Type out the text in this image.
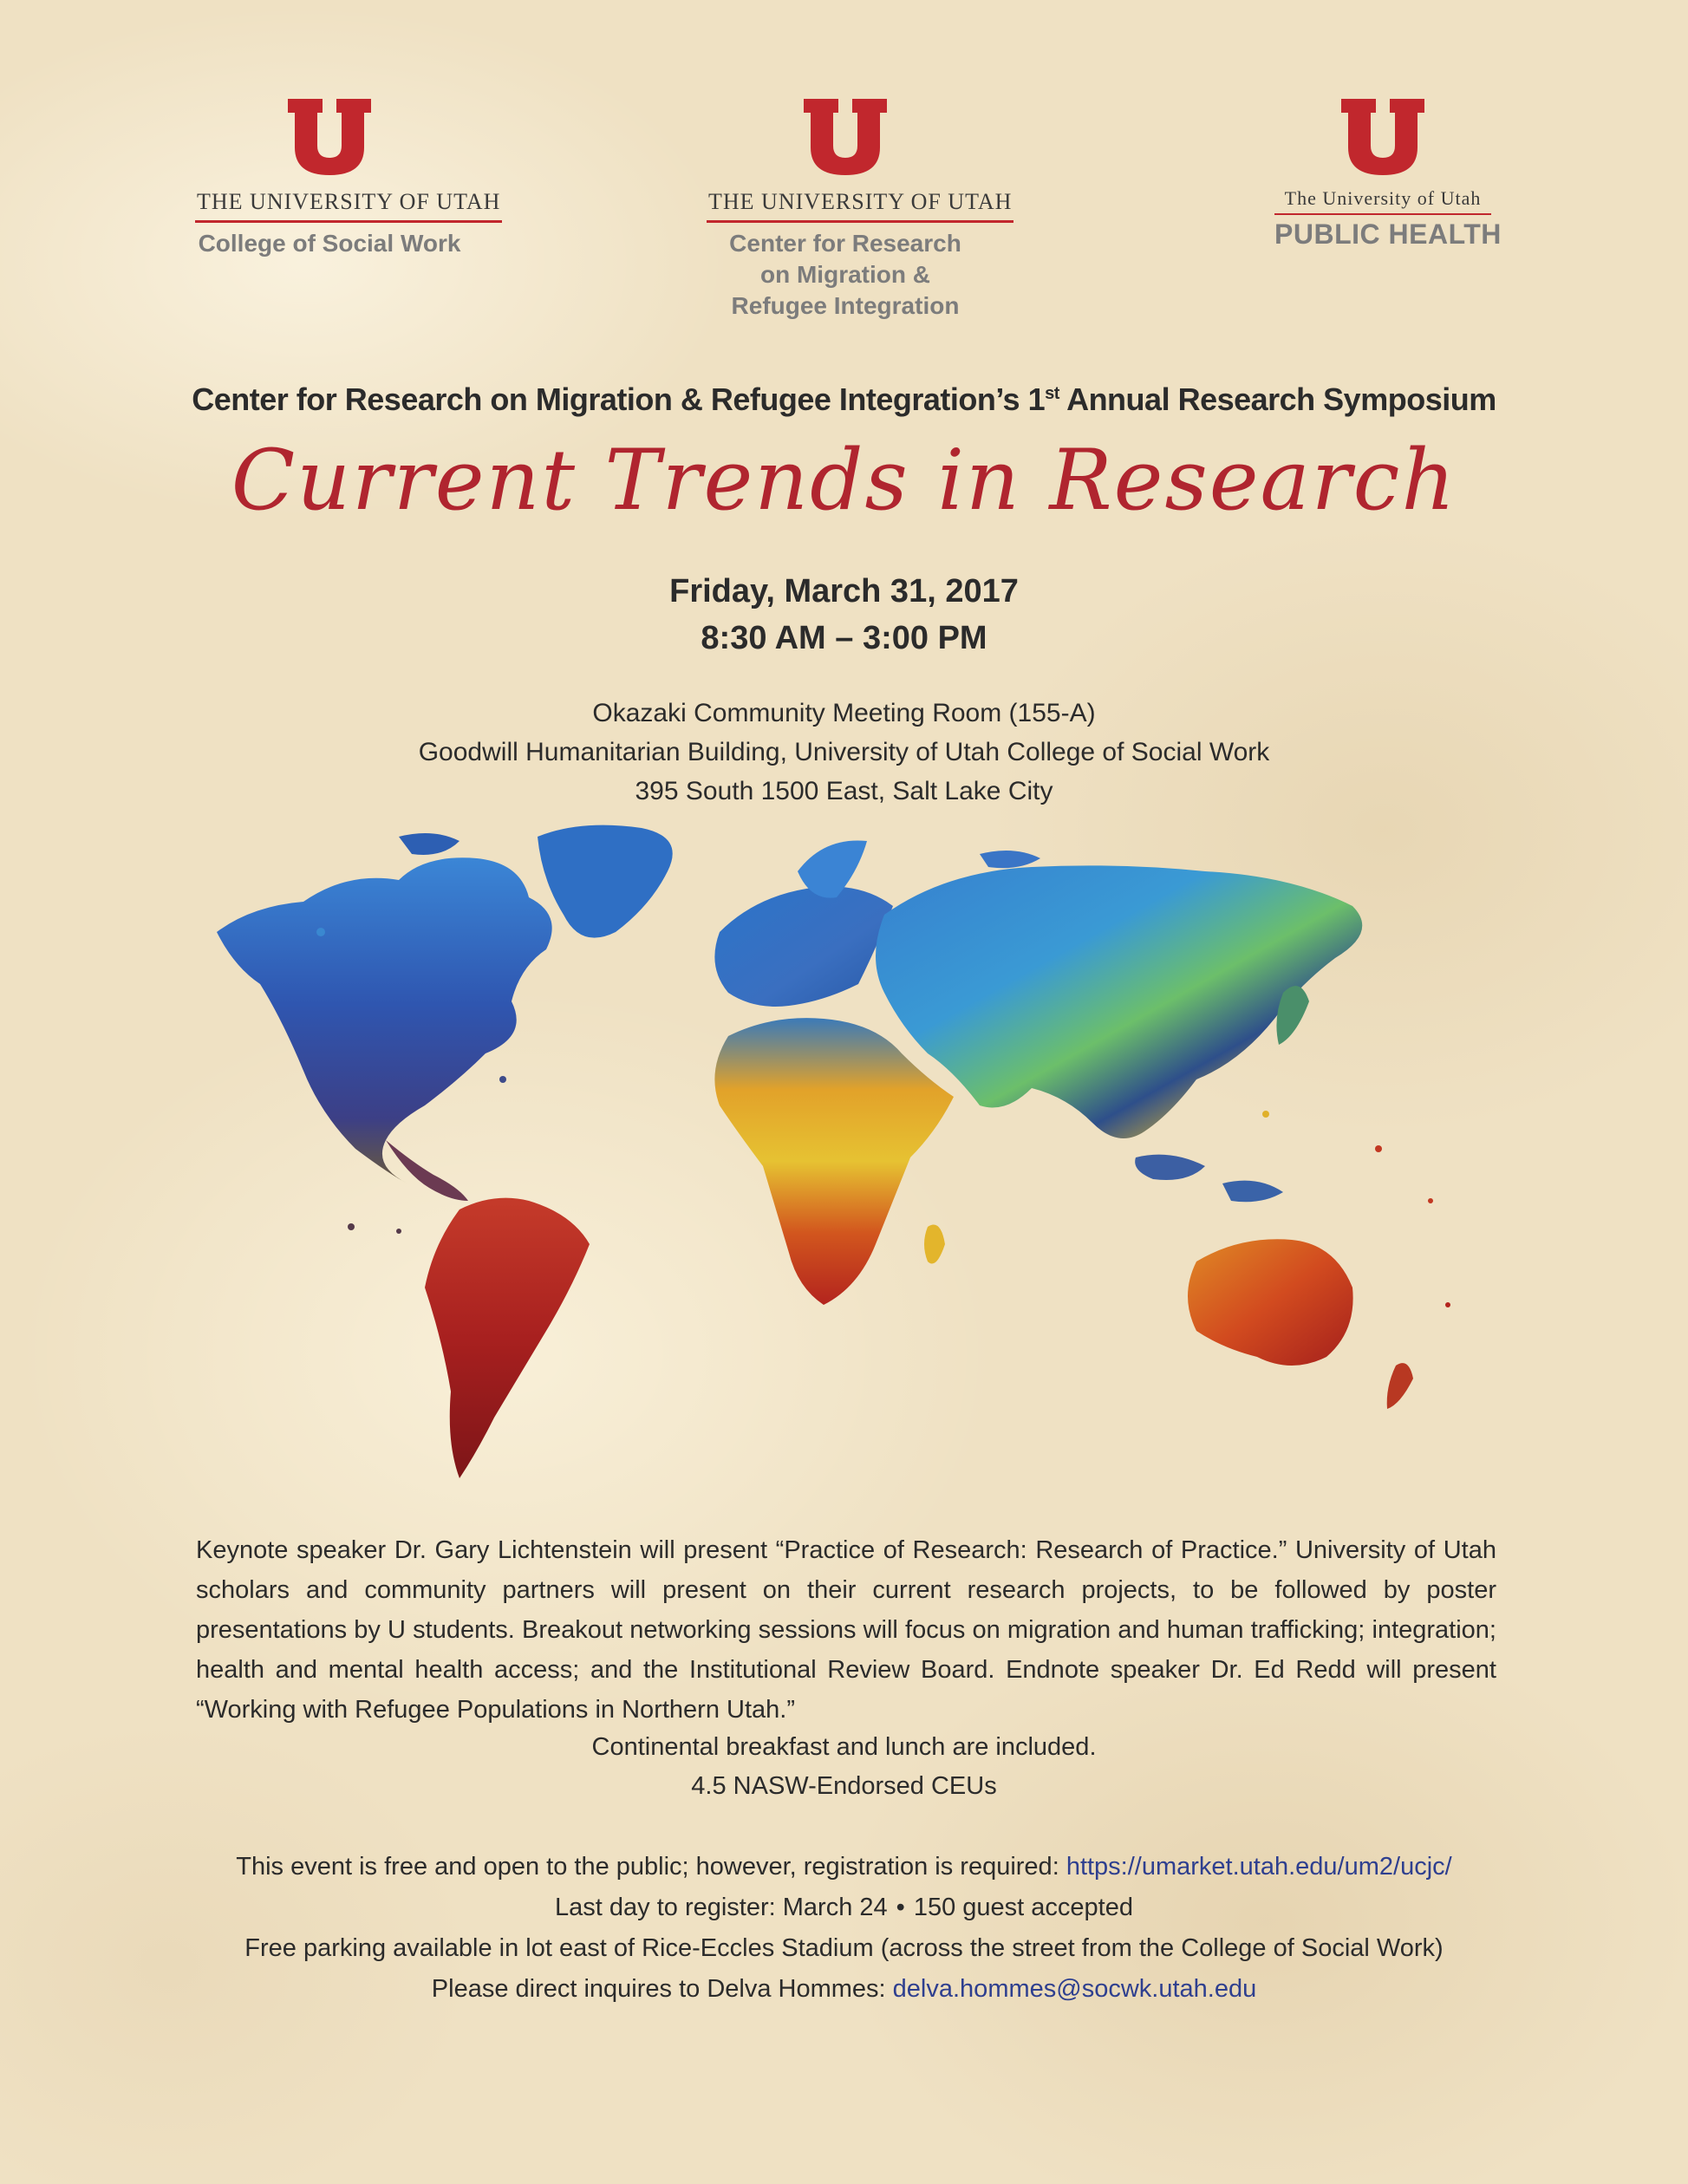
THE UNIVERSITY OF UTAH
College of Social Work
THE UNIVERSITY OF UTAH
Center for Research
on Migration &
Refugee Integration
The University of Utah
PUBLIC HEALTH
Center for Research on Migration & Refugee Integration’s 1st Annual Research Symposium
Current Trends in Research
Friday, March 31, 2017
8:30 AM – 3:00 PM
Okazaki Community Meeting Room (155-A)
Goodwill Humanitarian Building, University of Utah College of Social Work
395 South 1500 East, Salt Lake City
Keynote speaker Dr. Gary Lichtenstein will present “Practice of Research: Research of Practice.” University of Utah scholars and community partners will present on their current research projects, to be followed by poster presentations by U students. Breakout networking sessions will focus on migration and human trafficking; integration; health and mental health access; and the Institutional Review Board. Endnote speaker Dr. Ed Redd will present “Working with Refugee Populations in Northern Utah.”
Continental breakfast and lunch are included.
4.5 NASW-Endorsed CEUs
This event is free and open to the public; however, registration is required: https://umarket.utah.edu/um2/ucjc/
Last day to register: March 24 • 150 guest accepted
Free parking available in lot east of Rice-Eccles Stadium (across the street from the College of Social Work)
Please direct inquires to Delva Hommes: delva.hommes@socwk.utah.edu
